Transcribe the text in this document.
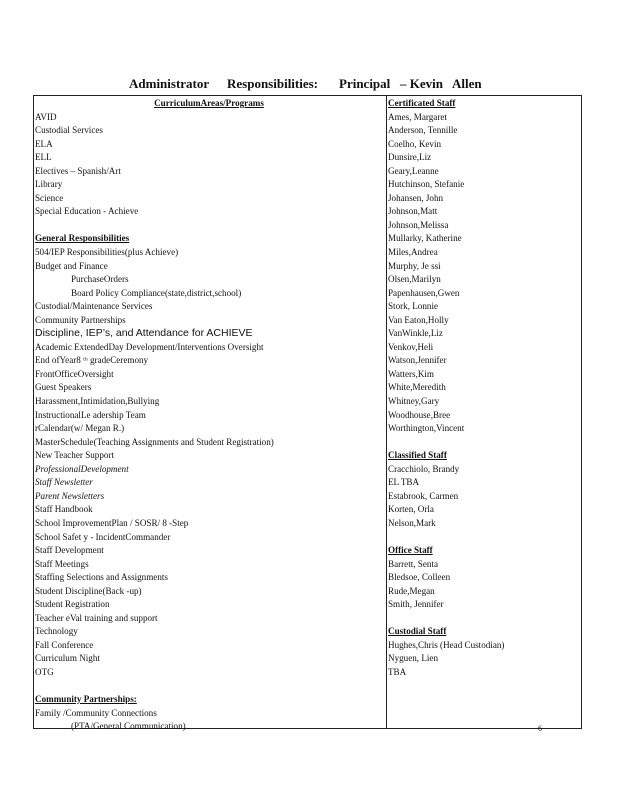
Administrator Responsibilities: Principal – Kevin Allen
CurriculumAreas/Programs
AVID
Custodial Services
ELA
ELL
Electives – Spanish/Art
Library
Science
Special Education - Achieve
General Responsibilities
504/IEP Responsibilities(plus Achieve)
Budget and Finance
PurchaseOrders
Board Policy Compliance(state,district,school)
Custodial/Maintenance Services
Community Partnerships
Discipline, IEP’s, and Attendance for ACHIEVE
Academic ExtendedDay Development/Interventions Oversight
End ofYear8 ᵗʰ gradeCeremony
FrontOfficeOversight
Guest Speakers
Harassment,Intimidation,Bullying
InstructionalLe adership Team
rCalendar(w/ Megan R.)
MasterSchedule(Teaching Assignments and Student Registration)
New Teacher Support
ProfessionalDevelopment
Staff Newsletter
Parent Newsletters
Staff Handbook
School ImprovementPlan / SOSR/ 8 -Step
School Safet y - IncidentCommander
Staff Development
Staff Meetings
Staffing Selections and Assignments
Student Discipline(Back -up)
Student Registration
Teacher eVal training and support
Technology
Fall Conference
Curriculum Night
OTG
Community Partnerships:
Family /Community Connections
(PTA/General Communication)
Certificated Staff
Ames, Margaret
Anderson, Tennille
Coelho, Kevin
Dunsire,Liz
Geary,Leanne
Hutchinson, Stefanie
Johansen, John
Johnson,Matt
Johnson,Melissa
Mullarky, Katherine
Miles,Andrea
Murphy, Je ssi
Olsen,Marilyn
Papenhausen,Gwen
Stork, Lonnie
Van Eaton,Holly
VanWinkle,Liz
Venkov,Heli
Watson,Jennifer
Watters,Kim
White,Meredith
Whitney,Gary
Woodhouse,Bree
Worthington,Vincent
Classified Staff
Cracchiolo, Brandy
EL TBA
Estabrook, Carmen
Korten, Orla
Nelson,Mark
Office Staff
Barrett, Senta
Bledsoe, Colleen
Rude,Megan
Smith, Jennifer
Custodial Staff
Hughes,Chris (Head Custodian)
Nyguen, Lien
TBA
6
